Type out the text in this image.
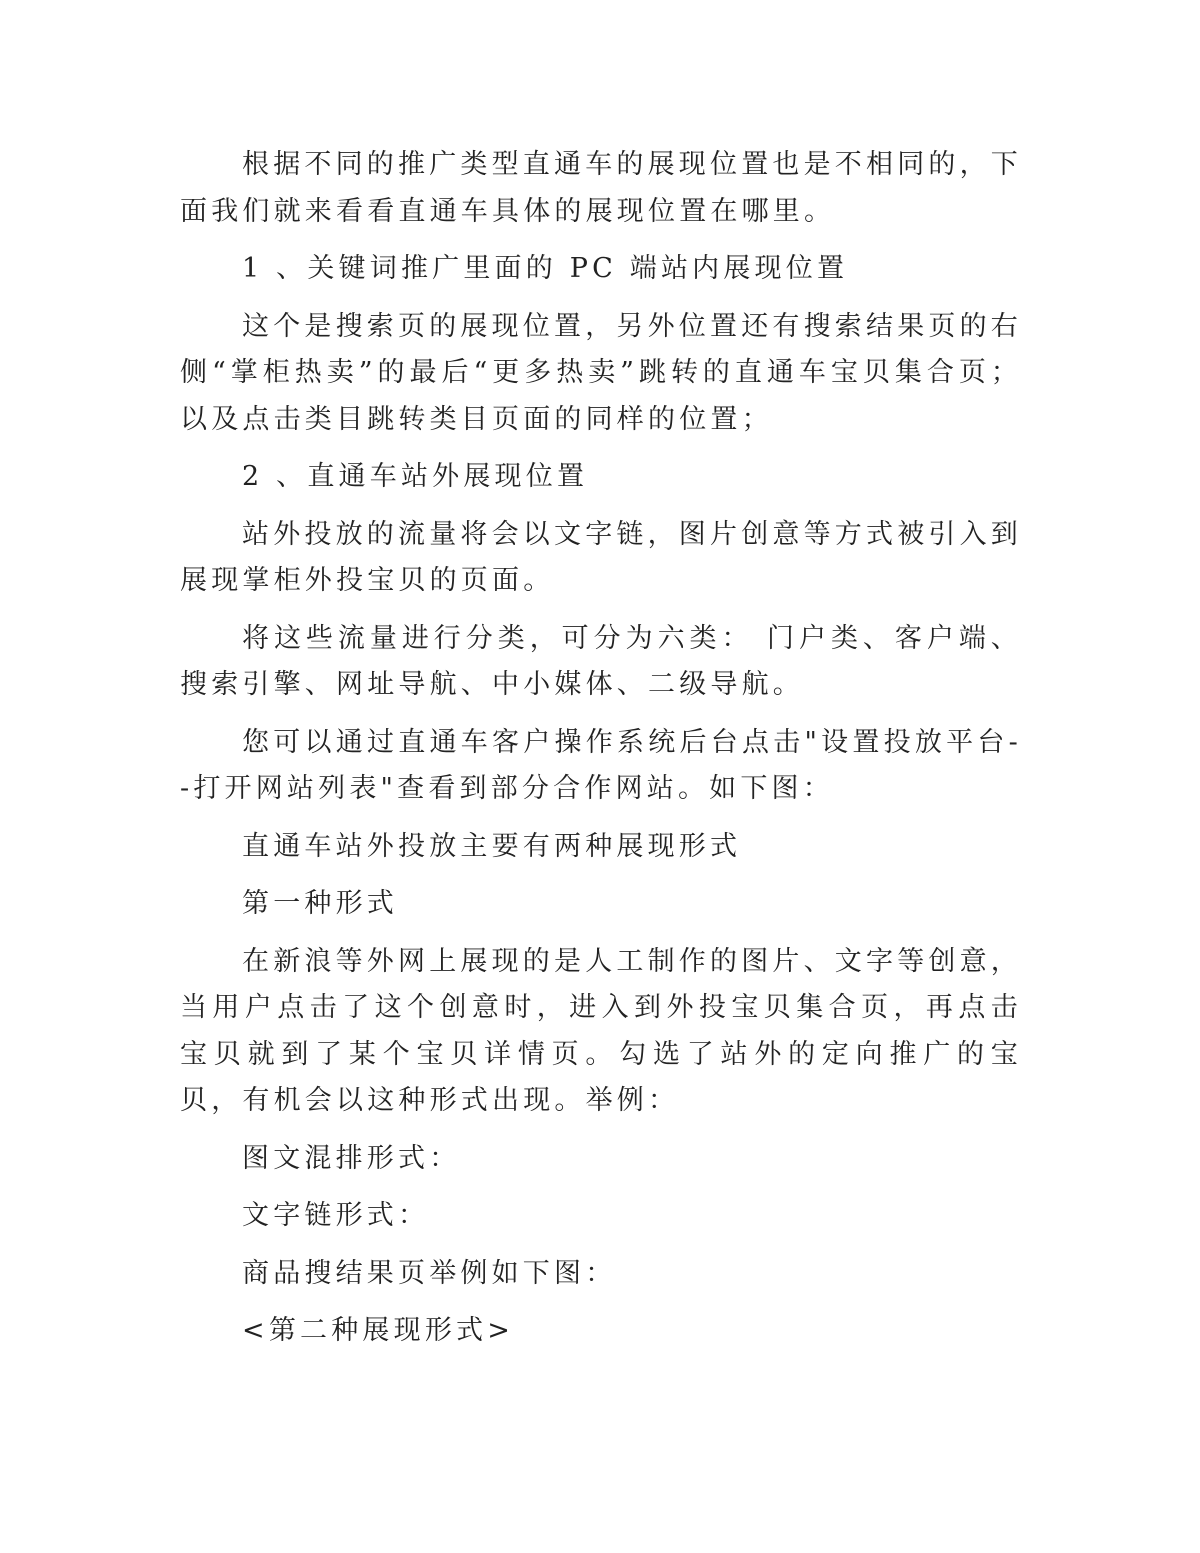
根据不同的推广类型直通车的展现位置也是不相同的，下面我们就来看看直通车具体的展现位置在哪里。

1 、关键词推广里面的 PC 端站内展现位置

这个是搜索页的展现位置，另外位置还有搜索结果页的右侧“掌柜热卖”的最后“更多热卖”跳转的直通车宝贝集合页；以及点击类目跳转类目页面的同样的位置；

2 、直通车站外展现位置

站外投放的流量将会以文字链，图片创意等方式被引入到展现掌柜外投宝贝的页面。

将这些流量进行分类，可分为六类： 门户类、客户端、搜索引擎、网址导航、中小媒体、二级导航。

您可以通过直通车客户操作系统后台点击"设置投放平台--打开网站列表"查看到部分合作网站。如下图：

直通车站外投放主要有两种展现形式

第一种形式

在新浪等外网上展现的是人工制作的图片、文字等创意，当用户点击了这个创意时，进入到外投宝贝集合页，再点击宝贝就到了某个宝贝详情页。勾选了站外的定向推广的宝贝，有机会以这种形式出现。举例：

图文混排形式：

文字链形式：

商品搜结果页举例如下图：

<第二种展现形式>
